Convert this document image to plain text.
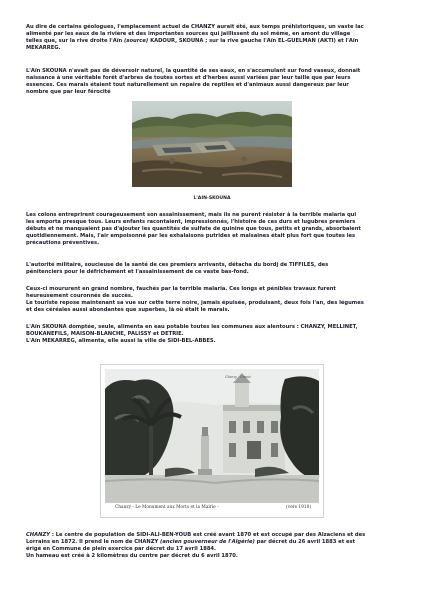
Au dire de certains géologues, l'emplacement actuel de CHANZY aurait été, aux temps préhistoriques, un vaste lac
alimenté par les eaux de la rivière et des importantes sources qui jaillissent du sol même, en amont du village
telles que, sur la rive droite l'Aïn (source) KADOUR, SKOUNA ; sur la rive gauche l'Aïn EL-GUELMAN (AKTI) et l'Aïn
MEKARREG.

L'Aïn SKOUNA n'avait pas de déversoir naturel, la quantité de ses eaux, en s'accumulant sur fond vaseux, donnait
naissance à une véritable forêt d'arbres de toutes sortes et d'herbes aussi variées par leur taille que par leurs
essences. Ces marais étaient tout naturellement un repaire de reptiles et d'animaux aussi dangereux par leur
nombre que par leur férocité

L'AIN-SKOUNA

Les colons entreprirent courageusement son assainissement, mais ils ne purent résister à la terrible malaria qui
les emporta presque tous. Leurs enfants racontaient, impressionnés, l'histoire de ces durs et lugubres premiers
débuts et ne manquaient pas d'ajouter les quantités de sulfate de quinine que tous, petits et grands, absorbaient
quotidiennement. Mais, l'air empoisonné par les exhalaisons putrides et malsaines était plus fort que toutes les
précautions préventives.

L'autorité militaire, soucieuse de la santé de ces premiers arrivants, détacha du bordj de TIFFILES, des
pénitenciers pour le défrichement et l'assainissement de ce vaste bas-fond.

Ceux-ci moururent en grand nombre, fauchés par la terrible malaria. Ces longs et pénibles travaux furent
heureusement couronnés de succès.
Le touriste repose maintenant sa vue sur cette terre noire, jamais épuisée, produisant, deux fois l'an, des légumes
et des céréales aussi abondantes que superbes, là où était le marais.

L'Aïn SKOUNA domptée, seule, alimenta en eau potable toutes les communes aux alentours : CHANZY, MELLINET,
BOUKANEFILS, MAISON-BLANCHE, PALISSY et DETRIE.
L'Aïn MEKARREG, alimenta, elle aussi la ville de SIDI-BEL-ABBES.

Chanzy - Oranie
Chanzy - Le Monument aux Morts et la Mairie -	(vers 1910)

CHANZY : Le centre de population de SIDI-ALI-BEN-YOUB est créé avant 1870 et est occupé par des Alzaciens et des
Lorrains en 1872. Il prend le nom de CHANZY (ancien gouverneur de l'Algérie) par décret du 26 avril 1883 et est
érigé en Commune de plein exercice par décret du 17 avril 1884.
Un hameau est créé à 2 kilomètres du centre par décret du 6 avril 1870.
